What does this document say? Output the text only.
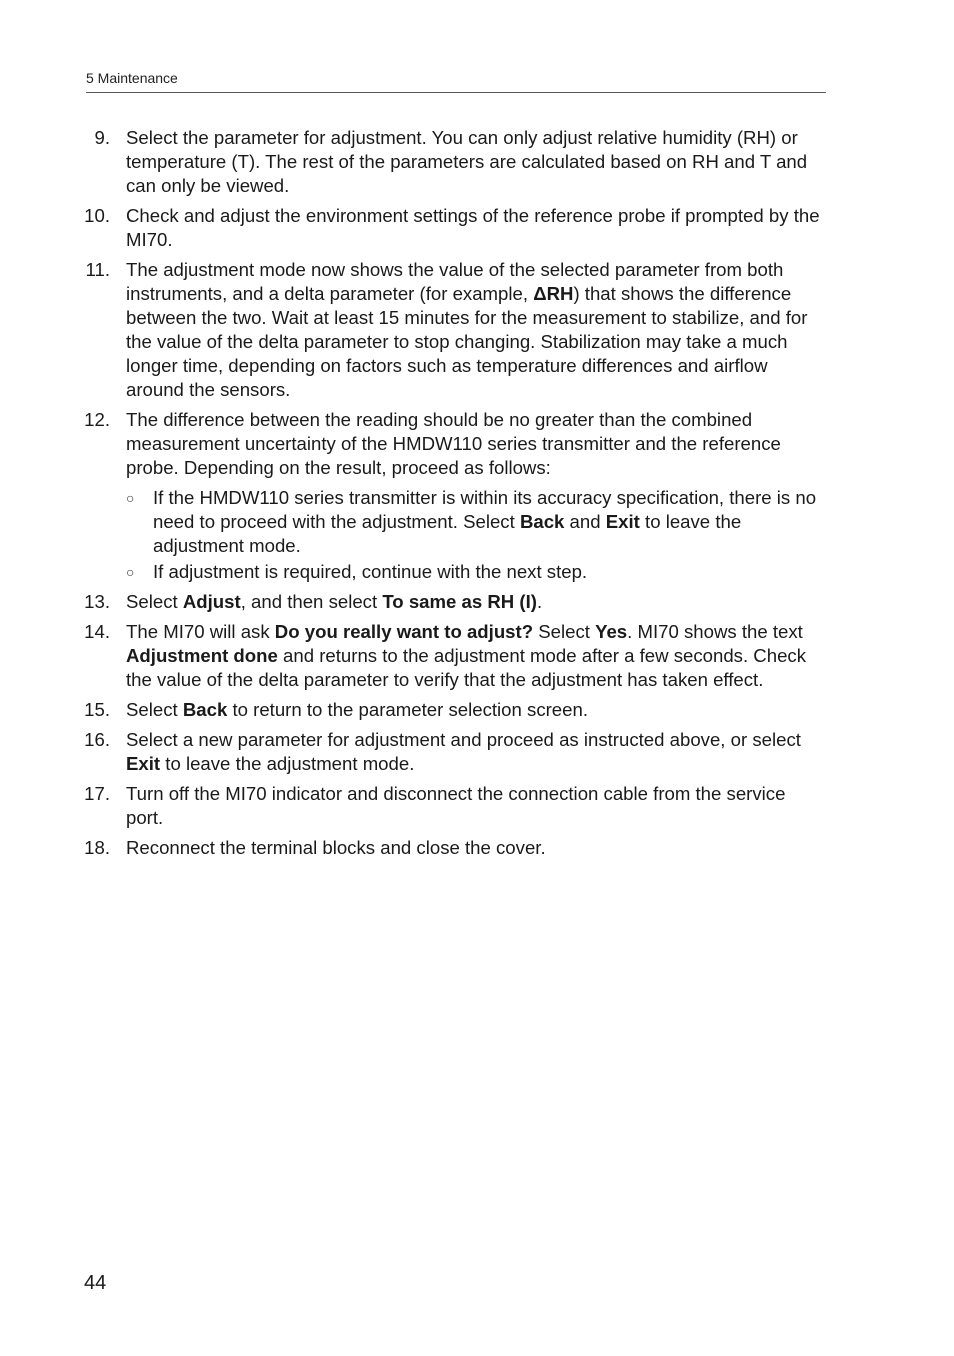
5 Maintenance
9. Select the parameter for adjustment. You can only adjust relative humidity (RH) or temperature (T). The rest of the parameters are calculated based on RH and T and can only be viewed.
10. Check and adjust the environment settings of the reference probe if prompted by the MI70.
11. The adjustment mode now shows the value of the selected parameter from both instruments, and a delta parameter (for example, ΔRH) that shows the difference between the two. Wait at least 15 minutes for the measurement to stabilize, and for the value of the delta parameter to stop changing. Stabilization may take a much longer time, depending on factors such as temperature differences and airflow around the sensors.
12. The difference between the reading should be no greater than the combined measurement uncertainty of the HMDW110 series transmitter and the reference probe. Depending on the result, proceed as follows:
○ If the HMDW110 series transmitter is within its accuracy specification, there is no need to proceed with the adjustment. Select Back and Exit to leave the adjustment mode.
○ If adjustment is required, continue with the next step.
13. Select Adjust, and then select To same as RH (I).
14. The MI70 will ask Do you really want to adjust? Select Yes. MI70 shows the text Adjustment done and returns to the adjustment mode after a few seconds. Check the value of the delta parameter to verify that the adjustment has taken effect.
15. Select Back to return to the parameter selection screen.
16. Select a new parameter for adjustment and proceed as instructed above, or select Exit to leave the adjustment mode.
17. Turn off the MI70 indicator and disconnect the connection cable from the service port.
18. Reconnect the terminal blocks and close the cover.
44
